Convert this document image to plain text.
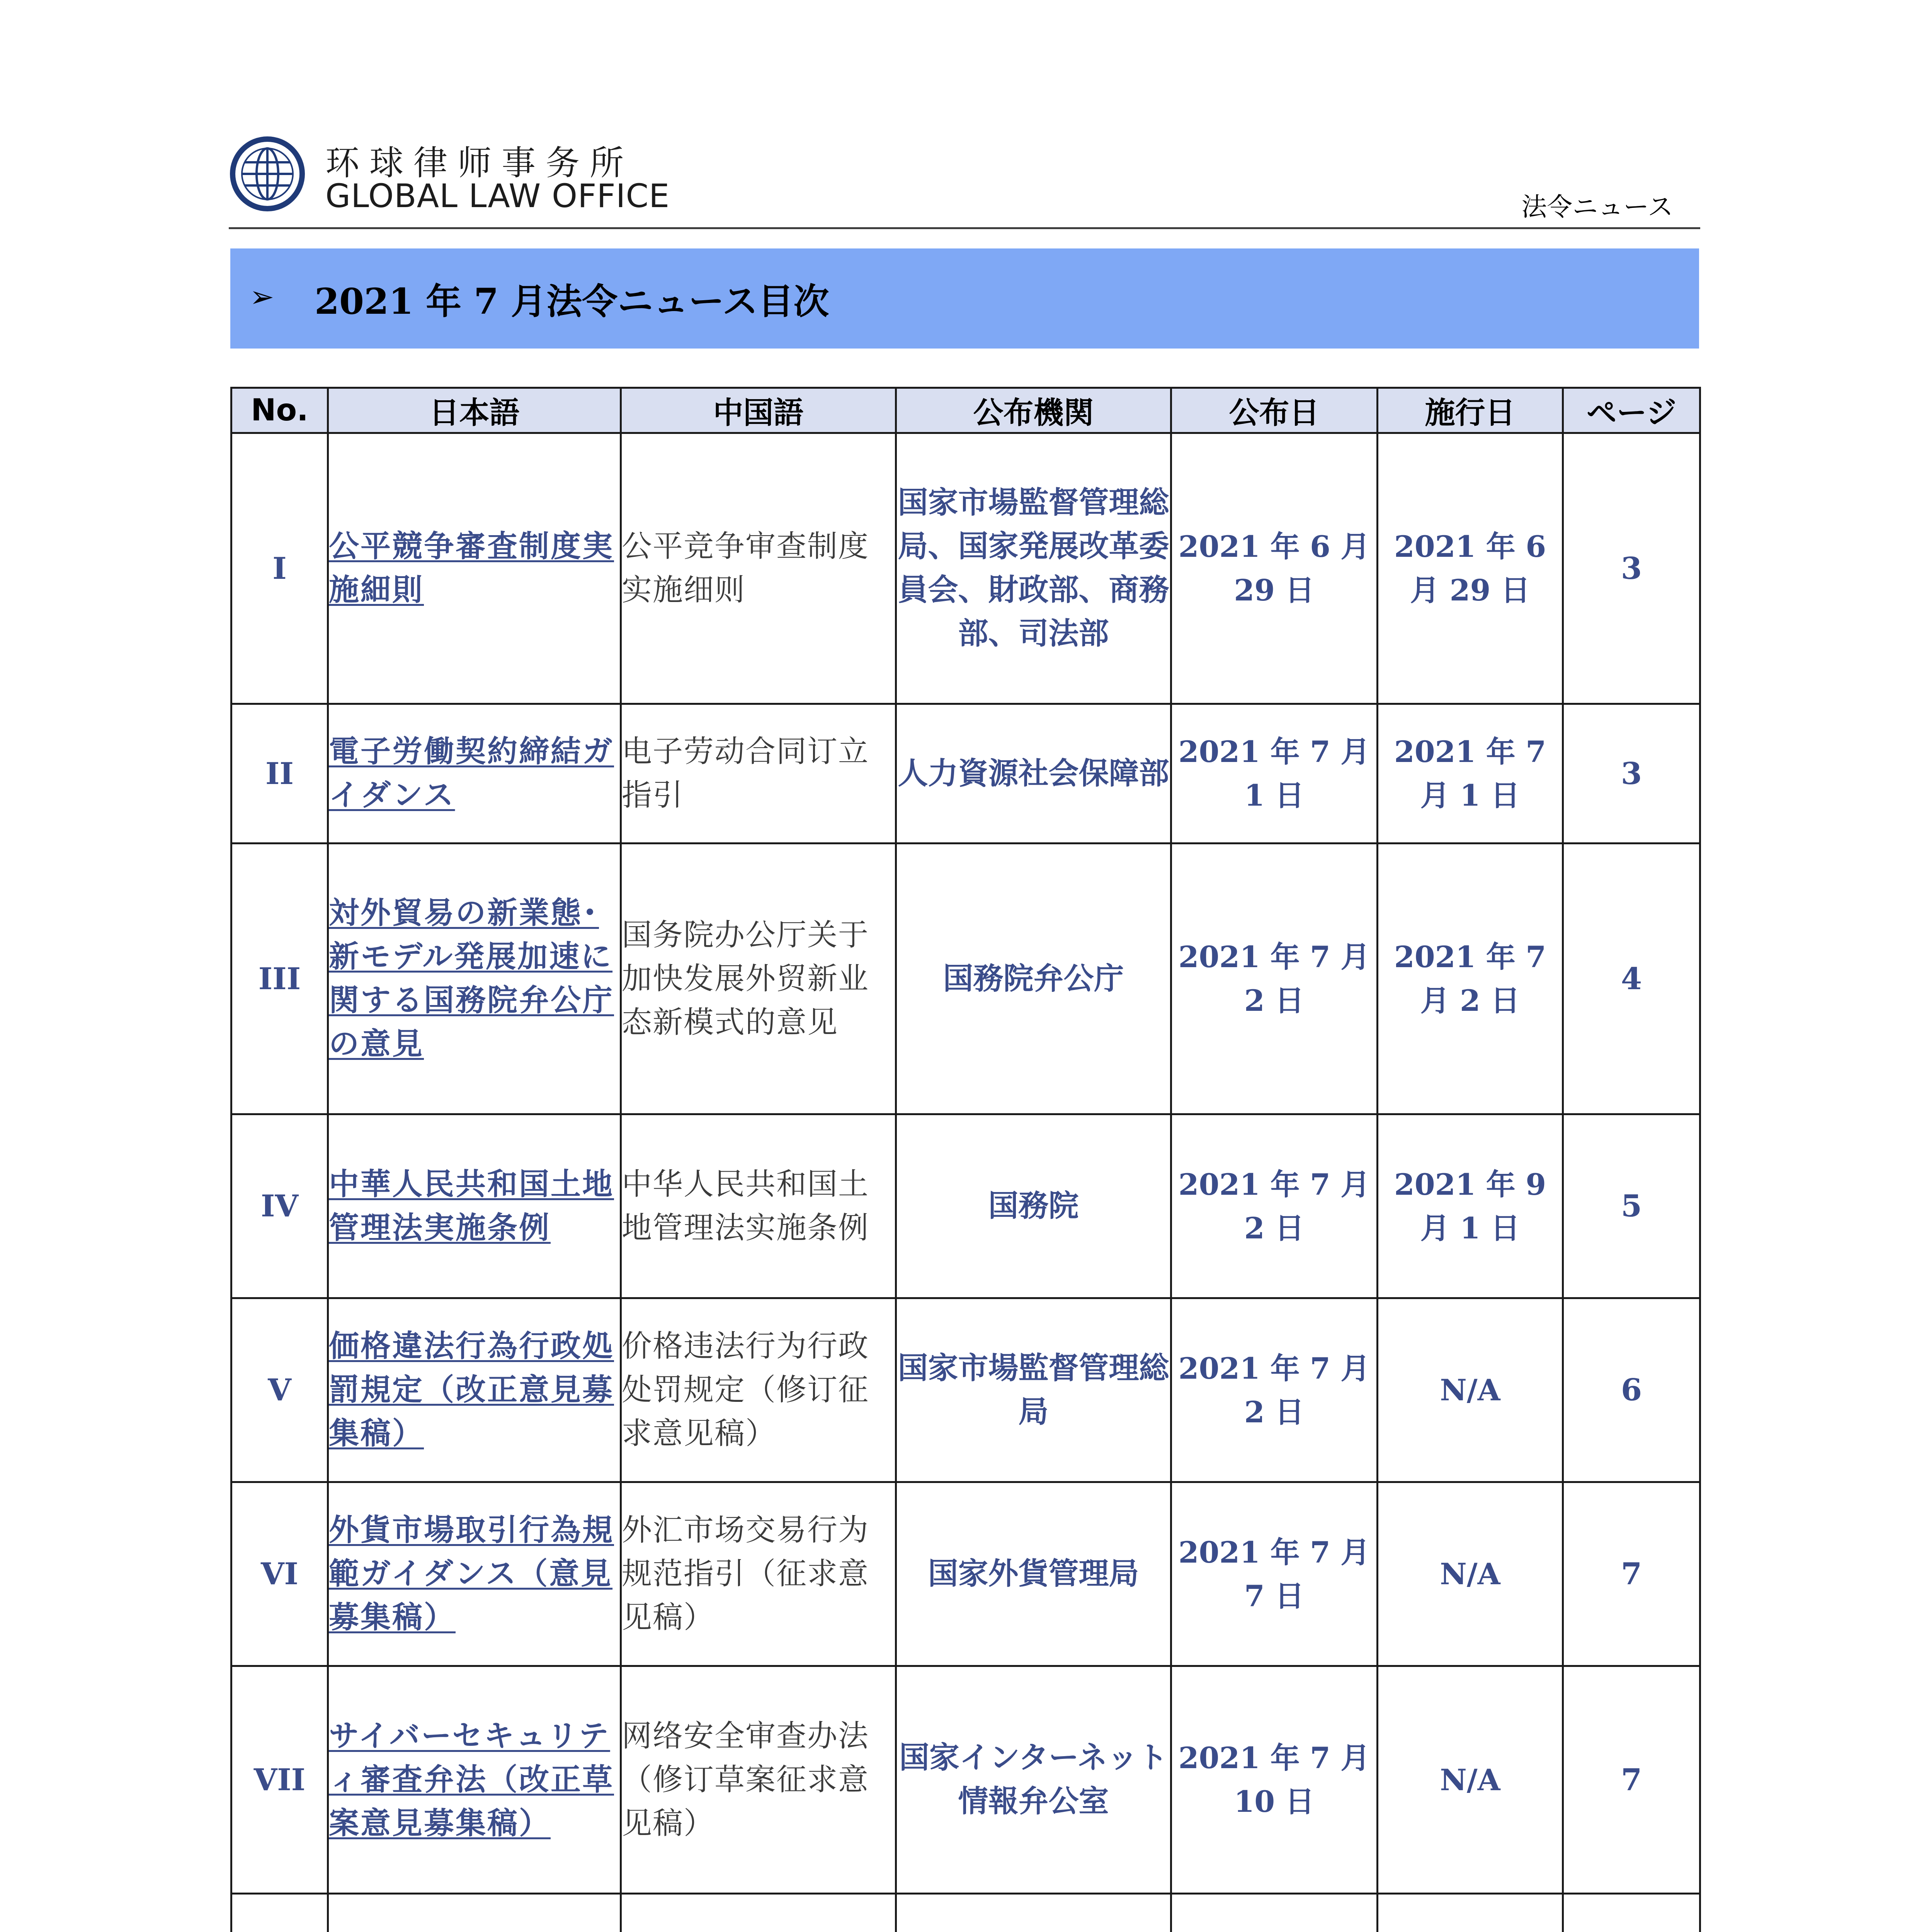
环球律师事务所
GLOBAL LAW OFFICE	法令ニュース
➢ 2021 年 7 月法令ニュース目次
No.	日本語	中国語	公布機関	公布日	施行日	ページ
I	公平競争審査制度実施細則	公平竞争审查制度实施细则	国家市場監督管理総局、国家発展改革委員会、財政部、商務部、司法部	2021 年 6 月 29 日	2021 年 6 月 29 日	3
II	電子労働契約締結ガイダンス	电子劳动合同订立指引	人力資源社会保障部	2021 年 7 月 1 日	2021 年 7 月 1 日	3
III	対外貿易の新業態･新モデル発展加速に関する国務院弁公庁の意見	国务院办公厅关于加快发展外贸新业态新模式的意见	国務院弁公庁	2021 年 7 月 2 日	2021 年 7 月 2 日	4
IV	中華人民共和国土地管理法実施条例	中华人民共和国土地管理法实施条例	国務院	2021 年 7 月 2 日	2021 年 9 月 1 日	5
V	価格違法行為行政処罰規定（改正意見募集稿）	价格违法行为行政处罚规定（修订征求意见稿）	国家市場監督管理総局	2021 年 7 月 2 日	N/A	6
VI	外貨市場取引行為規範ガイダンス（意見募集稿）	外汇市场交易行为规范指引（征求意见稿）	国家外貨管理局	2021 年 7 月 7 日	N/A	7
VII	サイバーセキュリティ審査弁法（改正草案意見募集稿）	网络安全审查办法（修订草案征求意见稿）	国家インターネット情報弁公室	2021 年 7 月 10 日	N/A	7
